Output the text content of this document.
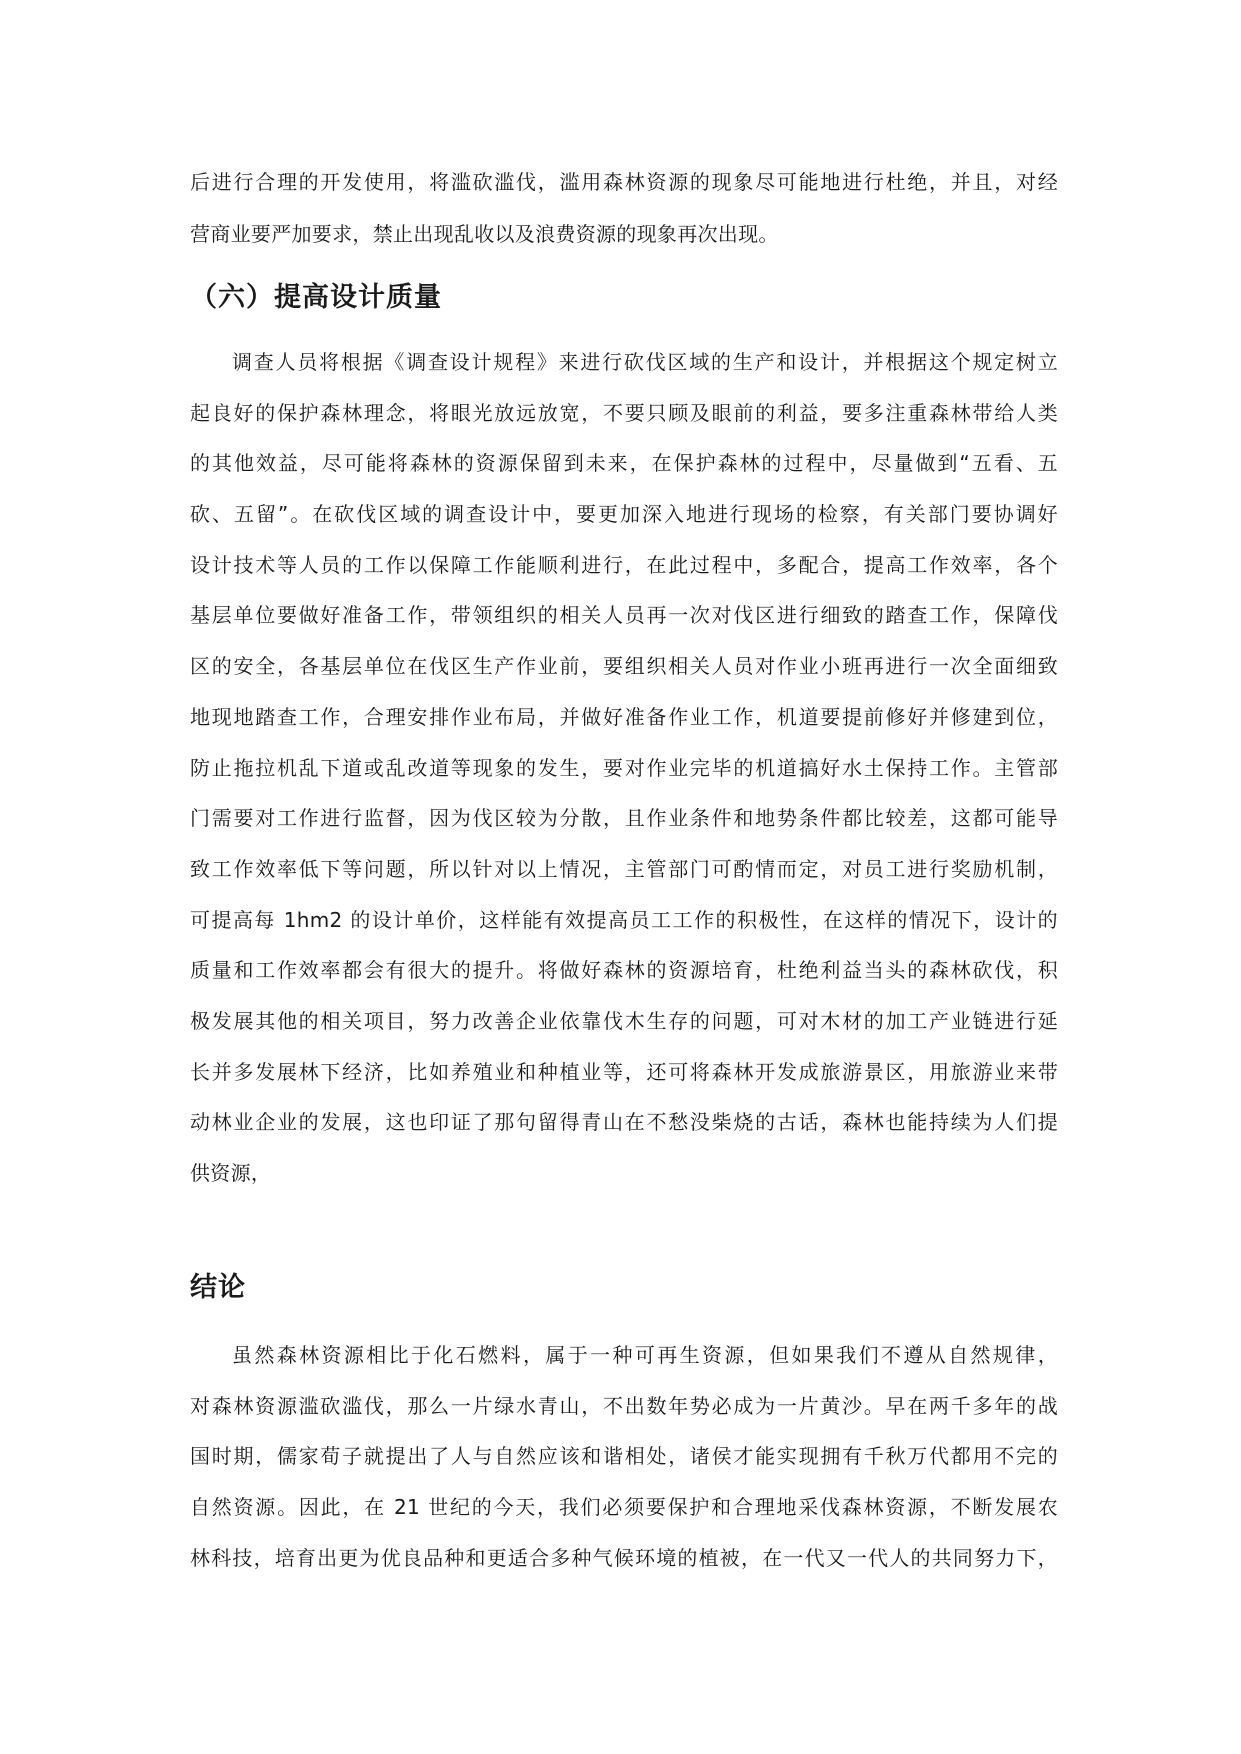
后进行合理的开发使用，将滥砍滥伐，滥用森林资源的现象尽可能地进行杜绝，并且，对经
营商业要严加要求，禁止出现乱收以及浪费资源的现象再次出现。
（六）提高设计质量
调查人员将根据《调查设计规程》来进行砍伐区域的生产和设计，并根据这个规定树立
起良好的保护森林理念，将眼光放远放宽，不要只顾及眼前的利益，要多注重森林带给人类
的其他效益，尽可能将森林的资源保留到未来，在保护森林的过程中，尽量做到“五看、五
砍、五留”。在砍伐区域的调查设计中，要更加深入地进行现场的检察，有关部门要协调好
设计技术等人员的工作以保障工作能顺利进行，在此过程中，多配合，提高工作效率，各个
基层单位要做好准备工作，带领组织的相关人员再一次对伐区进行细致的踏查工作，保障伐
区的安全，各基层单位在伐区生产作业前，要组织相关人员对作业小班再进行一次全面细致
地现地踏查工作，合理安排作业布局，并做好准备作业工作，机道要提前修好并修建到位，
防止拖拉机乱下道或乱改道等现象的发生，要对作业完毕的机道搞好水土保持工作。主管部
门需要对工作进行监督，因为伐区较为分散，且作业条件和地势条件都比较差，这都可能导
致工作效率低下等问题，所以针对以上情况，主管部门可酌情而定，对员工进行奖励机制，
可提高每 1hm2 的设计单价，这样能有效提高员工工作的积极性，在这样的情况下，设计的
质量和工作效率都会有很大的提升。将做好森林的资源培育，杜绝利益当头的森林砍伐，积
极发展其他的相关项目，努力改善企业依靠伐木生存的问题，可对木材的加工产业链进行延
长并多发展林下经济，比如养殖业和种植业等，还可将森林开发成旅游景区，用旅游业来带
动林业企业的发展，这也印证了那句留得青山在不愁没柴烧的古话，森林也能持续为人们提
供资源，
结论
虽然森林资源相比于化石燃料，属于一种可再生资源，但如果我们不遵从自然规律，
对森林资源滥砍滥伐，那么一片绿水青山，不出数年势必成为一片黄沙。早在两千多年的战
国时期，儒家荀子就提出了人与自然应该和谐相处，诸侯才能实现拥有千秋万代都用不完的
自然资源。因此，在 21 世纪的今天，我们必须要保护和合理地采伐森林资源，不断发展农
林科技，培育出更为优良品种和更适合多种气候环境的植被，在一代又一代人的共同努力下，
